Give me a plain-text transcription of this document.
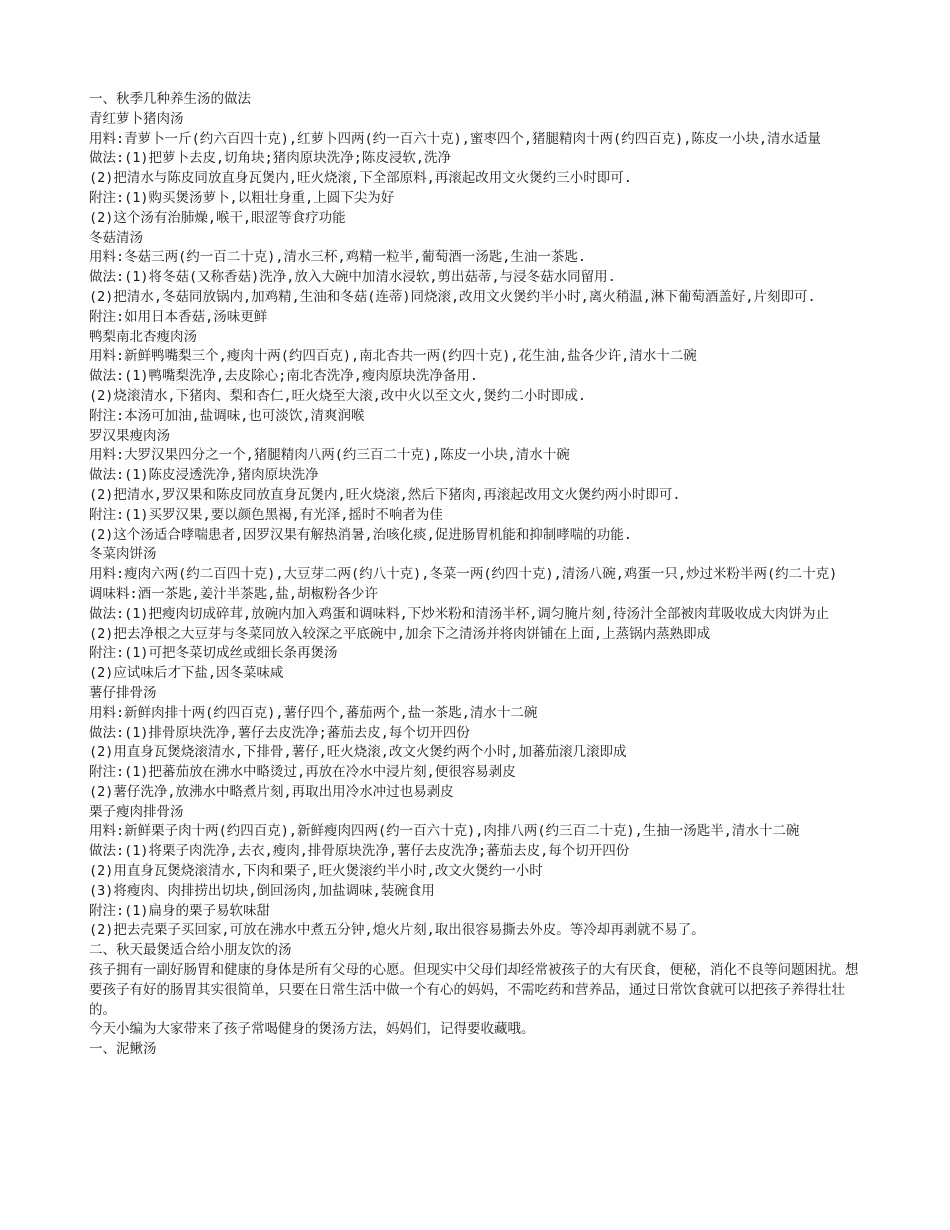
一、秋季几种养生汤的做法

青红萝卜猪肉汤

用料:青萝卜一斤(约六百四十克),红萝卜四两(约一百六十克),蜜枣四个,猪腿精肉十两(约四百克),陈皮一小块,清水适量

做法:(1)把萝卜去皮,切角块;猪肉原块洗净;陈皮浸软,洗净

(2)把清水与陈皮同放直身瓦煲内,旺火烧滚,下全部原料,再滚起改用文火煲约三小时即可.

附注:(1)购买煲汤萝卜,以粗壮身重,上圆下尖为好

(2)这个汤有治肺燥,喉干,眼涩等食疗功能

冬菇清汤

用料:冬菇三两(约一百二十克),清水三杯,鸡精一粒半,葡萄酒一汤匙,生油一茶匙.

做法:(1)将冬菇(又称香菇)洗净,放入大碗中加清水浸软,剪出菇蒂,与浸冬菇水同留用.

(2)把清水,冬菇同放锅内,加鸡精,生油和冬菇(连蒂)同烧滚,改用文火煲约半小时,离火稍温,淋下葡萄酒盖好,片刻即可.

附注:如用日本香菇,汤味更鲜

鸭梨南北杏瘦肉汤

用料:新鲜鸭嘴梨三个,瘦肉十两(约四百克),南北杏共一两(约四十克),花生油,盐各少许,清水十二碗

做法:(1)鸭嘴梨洗净,去皮除心;南北杏洗净,瘦肉原块洗净备用.

(2)烧滚清水,下猪肉、梨和杏仁,旺火烧至大滚,改中火以至文火,煲约二小时即成.

附注:本汤可加油,盐调味,也可淡饮,清爽润喉

罗汉果瘦肉汤

用料:大罗汉果四分之一个,猪腿精肉八两(约三百二十克),陈皮一小块,清水十碗

做法:(1)陈皮浸透洗净,猪肉原块洗净

(2)把清水,罗汉果和陈皮同放直身瓦煲内,旺火烧滚,然后下猪肉,再滚起改用文火煲约两小时即可.

附注:(1)买罗汉果,要以颜色黑褐,有光泽,摇时不响者为佳

(2)这个汤适合哮喘患者,因罗汉果有解热消暑,治咳化痰,促进肠胃机能和抑制哮喘的功能.

冬菜肉饼汤

用料:瘦肉六两(约二百四十克),大豆芽二两(约八十克),冬菜一两(约四十克),清汤八碗,鸡蛋一只,炒过米粉半两(约二十克)

调味料:酒一茶匙,姜汁半茶匙,盐,胡椒粉各少许

做法:(1)把瘦肉切成碎茸,放碗内加入鸡蛋和调味料,下炒米粉和清汤半杯,调匀腌片刻,待汤汁全部被肉茸吸收成大肉饼为止

(2)把去净根之大豆芽与冬菜同放入较深之平底碗中,加余下之清汤并将肉饼铺在上面,上蒸锅内蒸熟即成

附注:(1)可把冬菜切成丝或细长条再煲汤

(2)应试味后才下盐,因冬菜味咸

薯仔排骨汤

用料:新鲜肉排十两(约四百克),薯仔四个,蕃茄两个,盐一茶匙,清水十二碗

做法:(1)排骨原块洗净,薯仔去皮洗净;蕃茄去皮,每个切开四份

(2)用直身瓦煲烧滚清水,下排骨,薯仔,旺火烧滚,改文火煲约两个小时,加蕃茄滚几滚即成

附注:(1)把蕃茄放在沸水中略烫过,再放在冷水中浸片刻,便很容易剥皮

(2)薯仔洗净,放沸水中略煮片刻,再取出用冷水冲过也易剥皮

栗子瘦肉排骨汤

用料:新鲜栗子肉十两(约四百克),新鲜瘦肉四两(约一百六十克),肉排八两(约三百二十克),生抽一汤匙半,清水十二碗

做法:(1)将栗子肉洗净,去衣,瘦肉,排骨原块洗净,薯仔去皮洗净;蕃茄去皮,每个切开四份

(2)用直身瓦煲烧滚清水,下肉和栗子,旺火煲滚约半小时,改文火煲约一小时

(3)将瘦肉、肉排捞出切块,倒回汤肉,加盐调味,装碗食用

附注:(1)扁身的栗子易软味甜

(2)把去壳栗子买回家,可放在沸水中煮五分钟,熄火片刻,取出很容易撕去外皮。等冷却再剥就不易了。

二、秋天最煲适合给小朋友饮的汤

孩子拥有一副好肠胃和健康的身体是所有父母的心愿。但现实中父母们却经常被孩子的大有厌食，便秘，消化不良等问题困扰。想要孩子有好的肠胃其实很简单，只要在日常生活中做一个有心的妈妈，不需吃药和营养品，通过日常饮食就可以把孩子养得壮壮的。

今天小编为大家带来了孩子常喝健身的煲汤方法，妈妈们，记得要收藏哦。

一、泥鳅汤
